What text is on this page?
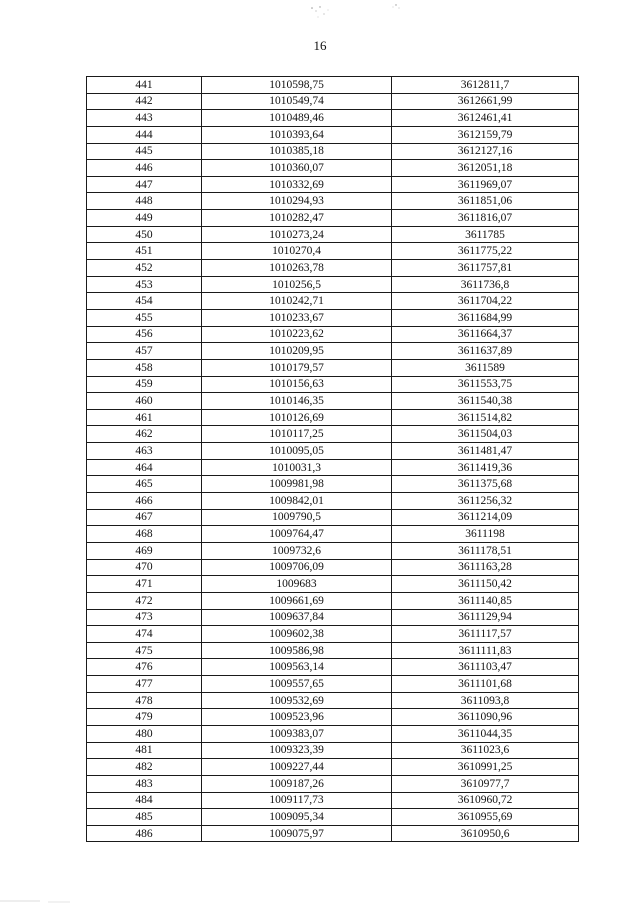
16
441	1010598,75	3612811,7
442	1010549,74	3612661,99
443	1010489,46	3612461,41
444	1010393,64	3612159,79
445	1010385,18	3612127,16
446	1010360,07	3612051,18
447	1010332,69	3611969,07
448	1010294,93	3611851,06
449	1010282,47	3611816,07
450	1010273,24	3611785
451	1010270,4	3611775,22
452	1010263,78	3611757,81
453	1010256,5	3611736,8
454	1010242,71	3611704,22
455	1010233,67	3611684,99
456	1010223,62	3611664,37
457	1010209,95	3611637,89
458	1010179,57	3611589
459	1010156,63	3611553,75
460	1010146,35	3611540,38
461	1010126,69	3611514,82
462	1010117,25	3611504,03
463	1010095,05	3611481,47
464	1010031,3	3611419,36
465	1009981,98	3611375,68
466	1009842,01	3611256,32
467	1009790,5	3611214,09
468	1009764,47	3611198
469	1009732,6	3611178,51
470	1009706,09	3611163,28
471	1009683	3611150,42
472	1009661,69	3611140,85
473	1009637,84	3611129,94
474	1009602,38	3611117,57
475	1009586,98	3611111,83
476	1009563,14	3611103,47
477	1009557,65	3611101,68
478	1009532,69	3611093,8
479	1009523,96	3611090,96
480	1009383,07	3611044,35
481	1009323,39	3611023,6
482	1009227,44	3610991,25
483	1009187,26	3610977,7
484	1009117,73	3610960,72
485	1009095,34	3610955,69
486	1009075,97	3610950,6
